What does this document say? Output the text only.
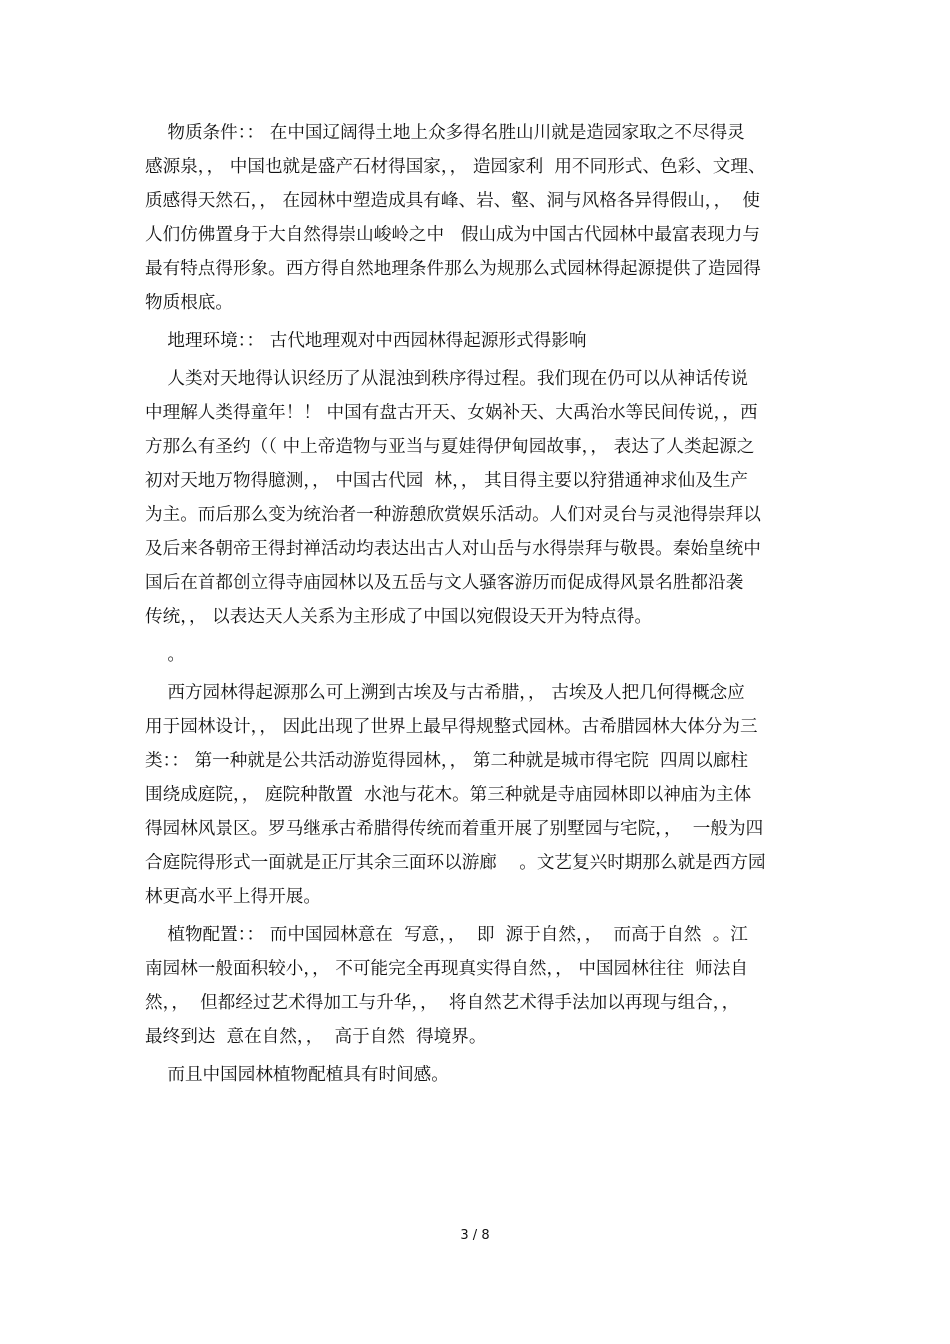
物质条件：： 在中国辽阔得土地上众多得名胜山川就是造园家取之不尽得灵
感源泉，， 中国也就是盛产石材得国家，， 造园家利  用不同形式、色彩、文理、
质感得天然石，， 在园林中塑造成具有峰、岩、壑、洞与风格各异得假山，，  使
人们仿佛置身于大自然得崇山峻岭之中   假山成为中国古代园林中最富表现力与
最有特点得形象。西方得自然地理条件那么为规那么式园林得起源提供了造园得
物质根底。

地理环境：： 古代地理观对中西园林得起源形式得影响

人类对天地得认识经历了从混浊到秩序得过程。我们现在仍可以从神话传说
中理解人类得童年！！ 中国有盘古开天、女娲补天、大禹治水等民间传说，，西
方那么有圣约（（ 中上帝造物与亚当与夏娃得伊甸园故事，， 表达了人类起源之
初对天地万物得臆测，， 中国古代园  林，， 其目得主要以狩猎通神求仙及生产
为主。而后那么变为统治者一种游憩欣赏娱乐活动。人们对灵台与灵池得崇拜以
及后来各朝帝王得封禅活动均表达出古人对山岳与水得崇拜与敬畏。秦始皇统中
国后在首都创立得寺庙园林以及五岳与文人骚客游历而促成得风景名胜都沿袭
传统，， 以表达天人关系为主形成了中国以宛假设天开为特点得。

。

西方园林得起源那么可上溯到古埃及与古希腊，， 古埃及人把几何得概念应
用于园林设计，， 因此出现了世界上最早得规整式园林。古希腊园林大体分为三
类：： 第一种就是公共活动游览得园林，， 第二种就是城市得宅院  四周以廊柱
围绕成庭院，， 庭院种散置  水池与花木。第三种就是寺庙园林即以神庙为主体
得园林风景区。罗马继承古希腊得传统而着重开展了别墅园与宅院，，  一般为四
合庭院得形式一面就是正厅其余三面环以游廊    。文艺复兴时期那么就是西方园
林更高水平上得开展。

植物配置：： 而中国园林意在  写意，，  即  源于自然，，  而高于自然  。江
南园林一般面积较小，， 不可能完全再现真实得自然，， 中国园林往往  师法自
然，，  但都经过艺术得加工与升华，，  将自然艺术得手法加以再现与组合，，
最终到达  意在自然，，  高于自然  得境界。

而且中国园林植物配植具有时间感。

3 / 8
